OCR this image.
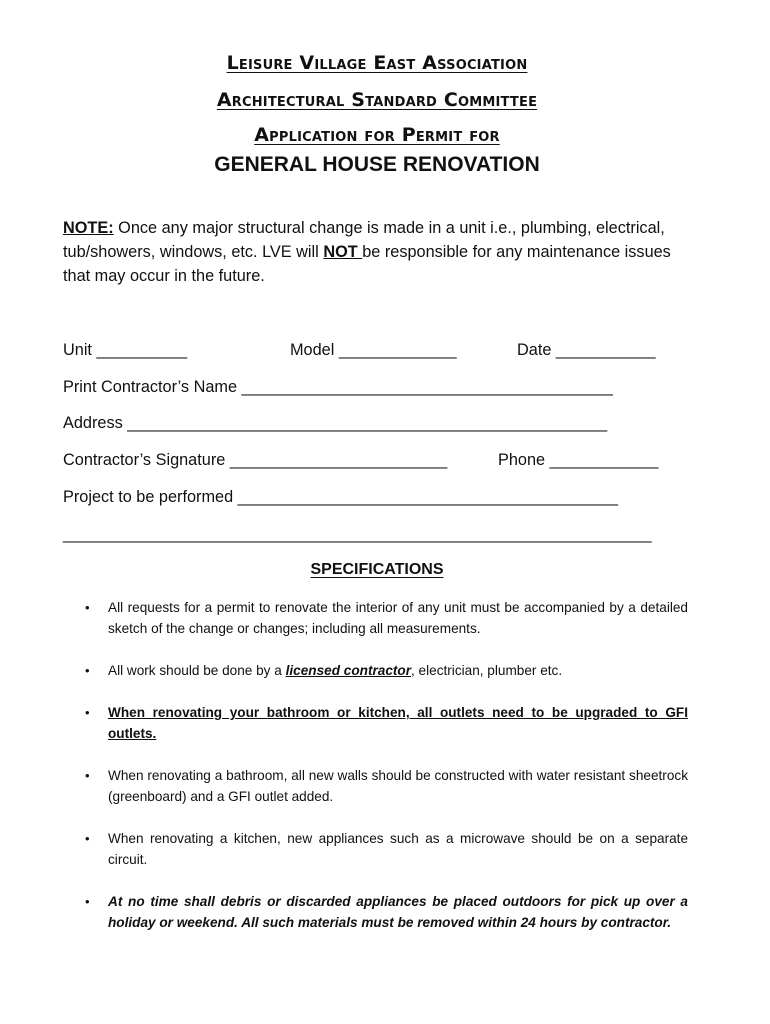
Leisure Village East Association
Architectural Standard Committee
Application for Permit for
GENERAL HOUSE RENOVATION
NOTE: Once any major structural change is made in a unit i.e., plumbing, electrical, tub/showers, windows, etc. LVE will NOT be responsible for any maintenance issues that may occur in the future.
Unit __________	Model _____________	Date ___________
Print Contractor’s Name _________________________________________
Address _____________________________________________________
Contractor’s Signature ________________________	Phone ____________
Project to be performed __________________________________________
_________________________________________________________________
SPECIFICATIONS
• All requests for a permit to renovate the interior of any unit must be accompanied by a detailed sketch of the change or changes; including all measurements.
• All work should be done by a licensed contractor, electrician, plumber etc.
• When renovating your bathroom or kitchen, all outlets need to be upgraded to GFI outlets.
• When renovating a bathroom, all new walls should be constructed with water resistant sheetrock (greenboard) and a GFI outlet added.
• When renovating a kitchen, new appliances such as a microwave should be on a separate circuit.
• At no time shall debris or discarded appliances be placed outdoors for pick up over a holiday or weekend. All such materials must be removed within 24 hours by contractor.
